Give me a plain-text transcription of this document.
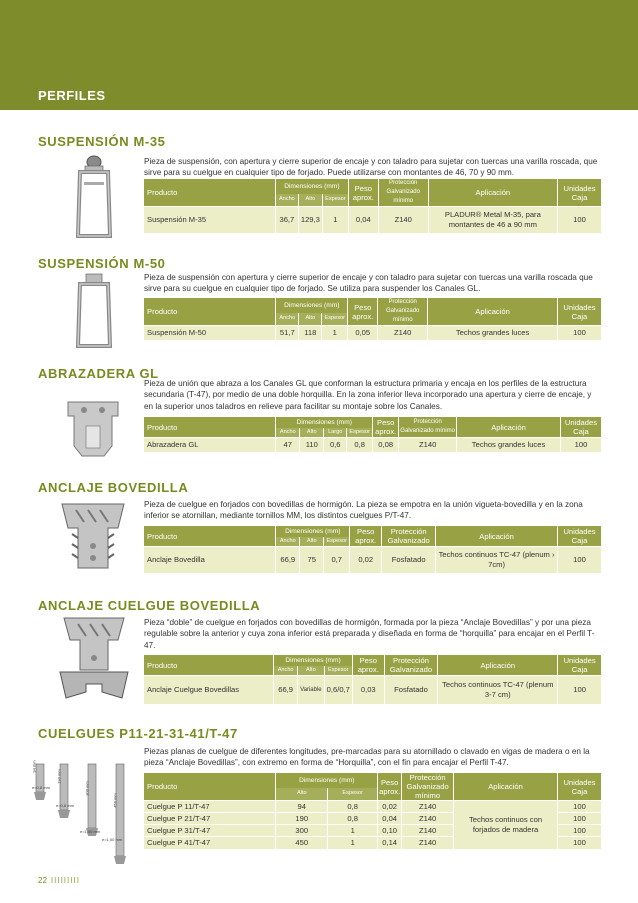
PERFILES
SUSPENSIÓN M-35
Pieza de suspensión, con apertura y cierre superior de encaje y con taladro para sujetar con tuercas una varilla roscada, que sirve para su cuelgue en cualquier tipo de forjado. Puede utilizarse con montantes de 46, 70 y 90 mm.
Producto	Dimensiones (mm)			Peso aprox.	Protección Galvanizado mínimo	Aplicación	Unidades Caja
	Ancho	Alto	Espesor				
Suspensión M-35	36,7	129,3	1	0,04	Z140	PLADUR® Metal M-35, para montantes de 46 a 90 mm	100
SUSPENSIÓN M-50
Pieza de suspensión con apertura y cierre superior de encaje y con taladro para sujetar con tuercas una varilla roscada que sirve para su cuelgue en cualquier tipo de forjado. Se utiliza para suspender los Canales GL.
Producto	Dimensiones (mm)			Peso aprox.	Protección Galvanizado mínimo	Aplicación	Unidades Caja
	Ancho	Alto	Espesor				
Suspensión M-50	51,7	118	1	0,05	Z140	Techos grandes luces	100
ABRAZADERA GL
Pieza de unión que abraza a los Canales GL que conforman la estructura primaria y encaja en los perfiles de la estructura secundaria (T-47), por medio de una doble horquilla. En la zona inferior lleva incorporado una apertura y cierre de encaje, y en la superior unos taladros en relieve para facilitar su montaje sobre los Canales.
Producto	Dimensiones (mm)				Peso aprox.	Protección Galvanizado mínimo	Aplicación	Unidades Caja
	Ancho	Alto	Largo	Espesor				
Abrazadera GL	47	110	0,6	0,8	0,08	Z140	Techos grandes luces	100
ANCLAJE BOVEDILLA
Pieza de cuelgue en forjados con bovedillas de hormigón. La pieza se empotra en la unión vigueta-bovedilla y en la zona inferior se atornillan, mediante tornillos MM, los distintos cuelgues P/T-47.
Producto	Dimensiones (mm)			Peso aprox.	Protección Galvanizado	Aplicación	Unidades Caja
	Ancho	Alto	Espesor				
Anclaje Bovedilla	66,9	75	0,7	0,02	Fosfatado	Techos continuos TC-47 (plenum › 7cm)	100
ANCLAJE CUELGUE BOVEDILLA
Pieza “doble” de cuelgue en forjados con bovedillas de hormigón, formada por la pieza “Anclaje Bovedillas” y por una pieza regulable sobre la anterior y cuya zona inferior está preparada y diseñada en forma de “horquilla” para encajar en el Perfil T-47.
Producto	Dimensiones (mm)			Peso aprox.	Protección Galvanizado	Aplicación	Unidades Caja
	Ancho	Alto	Espesor				
Anclaje Cuelgue Bovedillas	66,9	Variable	0,6/0,7	0,03	Fosfatado	Techos continuos TC-47 (plenum 3-7 cm)	100
CUELGUES P11-21-31-41/T-47
e=0,8 mm
e=0,8 mm
e=1,00 mm
e=1,00 mm
94 mm
190 mm
300 mm
450 mm
Piezas planas de cuelgue de diferentes longitudes, pre-marcadas para su atornillado o clavado en vigas de madera o en la pieza “Anclaje Bovedillas”, con extremo en forma de “Horquilla”, con el fin para encajar el Perfil T-47.
Producto	Dimensiones (mm)		Peso aprox.	Protección Galvanizado mínimo	Aplicación	Unidades Caja
	Alto	Espesor				
Cuelgue P 11/T-47	94	0,8	0,02	Z140	Techos continuos con forjados de madera	100
Cuelgue P 21/T-47	190	0,8	0,04	Z140		100
Cuelgue P 31/T-47	300	1	0,10	Z140		100
Cuelgue P 41/T-47	450	1	0,14	Z140		100
22 IIIIIIIII
